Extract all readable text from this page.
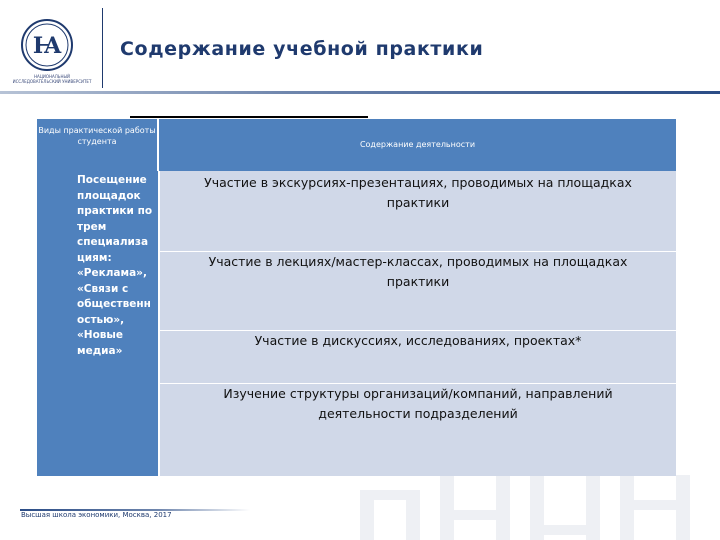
Ꙗ
НАЦИОНАЛЬНЫЙ ИССЛЕДОВАТЕЛЬСКИЙ УНИВЕРСИТЕТ
Содержание учебной практики
Виды практической работы студента	Содержание деятельности
Посещение
площадок
практики по
трем
специализа
циям:
«Реклама»,
«Связи с
общественн
остью»,
«Новые
медиа»
Участие в экскурсиях-презентациях, проводимых на площадках практики
Участие в лекциях/мастер-классах, проводимых на площадках практики
Участие в дискуссиях, исследованиях, проектах*
Изучение структуры организаций/компаний, направлений деятельности подразделений
Высшая школа экономики, Москва, 2017
